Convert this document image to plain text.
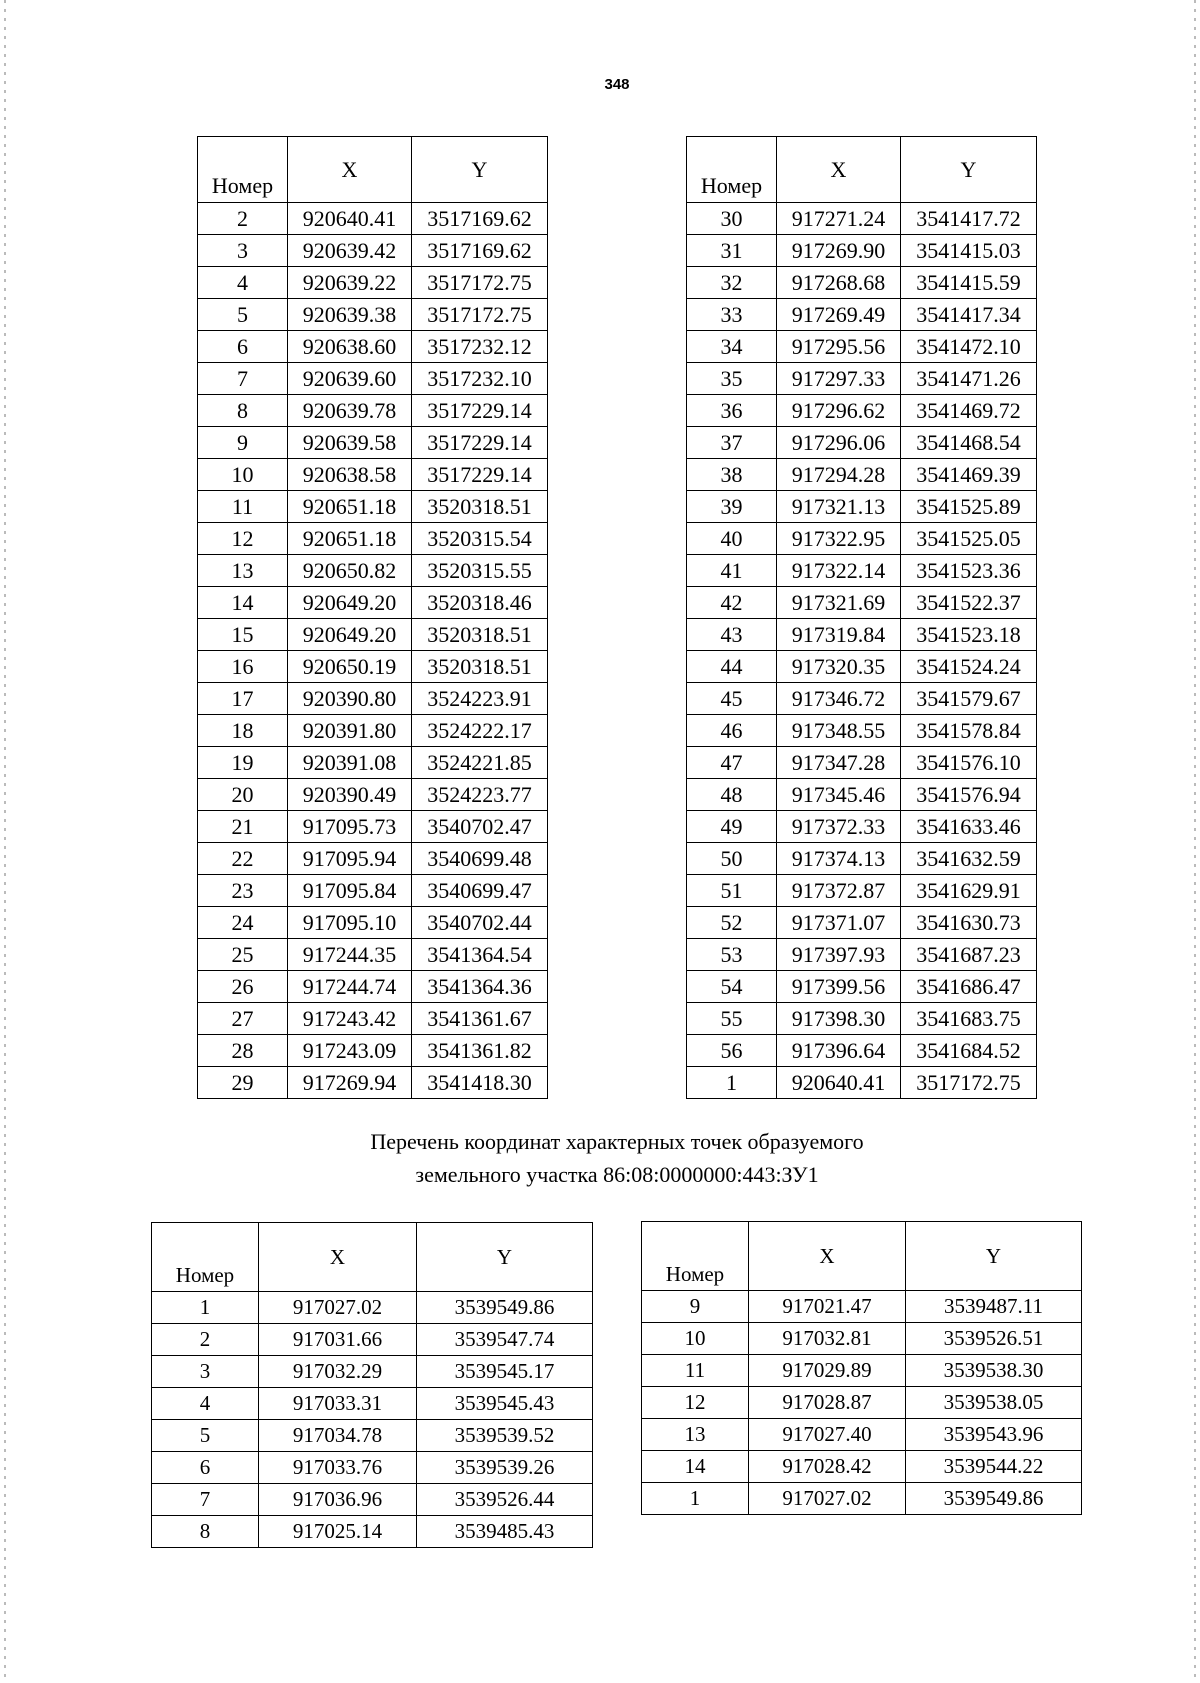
348
Номер	X	Y
2	920640.41	3517169.62
3	920639.42	3517169.62
4	920639.22	3517172.75
5	920639.38	3517172.75
6	920638.60	3517232.12
7	920639.60	3517232.10
8	920639.78	3517229.14
9	920639.58	3517229.14
10	920638.58	3517229.14
11	920651.18	3520318.51
12	920651.18	3520315.54
13	920650.82	3520315.55
14	920649.20	3520318.46
15	920649.20	3520318.51
16	920650.19	3520318.51
17	920390.80	3524223.91
18	920391.80	3524222.17
19	920391.08	3524221.85
20	920390.49	3524223.77
21	917095.73	3540702.47
22	917095.94	3540699.48
23	917095.84	3540699.47
24	917095.10	3540702.44
25	917244.35	3541364.54
26	917244.74	3541364.36
27	917243.42	3541361.67
28	917243.09	3541361.82
29	917269.94	3541418.30
Номер	X	Y
30	917271.24	3541417.72
31	917269.90	3541415.03
32	917268.68	3541415.59
33	917269.49	3541417.34
34	917295.56	3541472.10
35	917297.33	3541471.26
36	917296.62	3541469.72
37	917296.06	3541468.54
38	917294.28	3541469.39
39	917321.13	3541525.89
40	917322.95	3541525.05
41	917322.14	3541523.36
42	917321.69	3541522.37
43	917319.84	3541523.18
44	917320.35	3541524.24
45	917346.72	3541579.67
46	917348.55	3541578.84
47	917347.28	3541576.10
48	917345.46	3541576.94
49	917372.33	3541633.46
50	917374.13	3541632.59
51	917372.87	3541629.91
52	917371.07	3541630.73
53	917397.93	3541687.23
54	917399.56	3541686.47
55	917398.30	3541683.75
56	917396.64	3541684.52
1	920640.41	3517172.75
Перечень координат характерных точек образуемого
земельного участка 86:08:0000000:443:ЗУ1
Номер	X	Y
1	917027.02	3539549.86
2	917031.66	3539547.74
3	917032.29	3539545.17
4	917033.31	3539545.43
5	917034.78	3539539.52
6	917033.76	3539539.26
7	917036.96	3539526.44
8	917025.14	3539485.43
Номер	X	Y
9	917021.47	3539487.11
10	917032.81	3539526.51
11	917029.89	3539538.30
12	917028.87	3539538.05
13	917027.40	3539543.96
14	917028.42	3539544.22
1	917027.02	3539549.86
